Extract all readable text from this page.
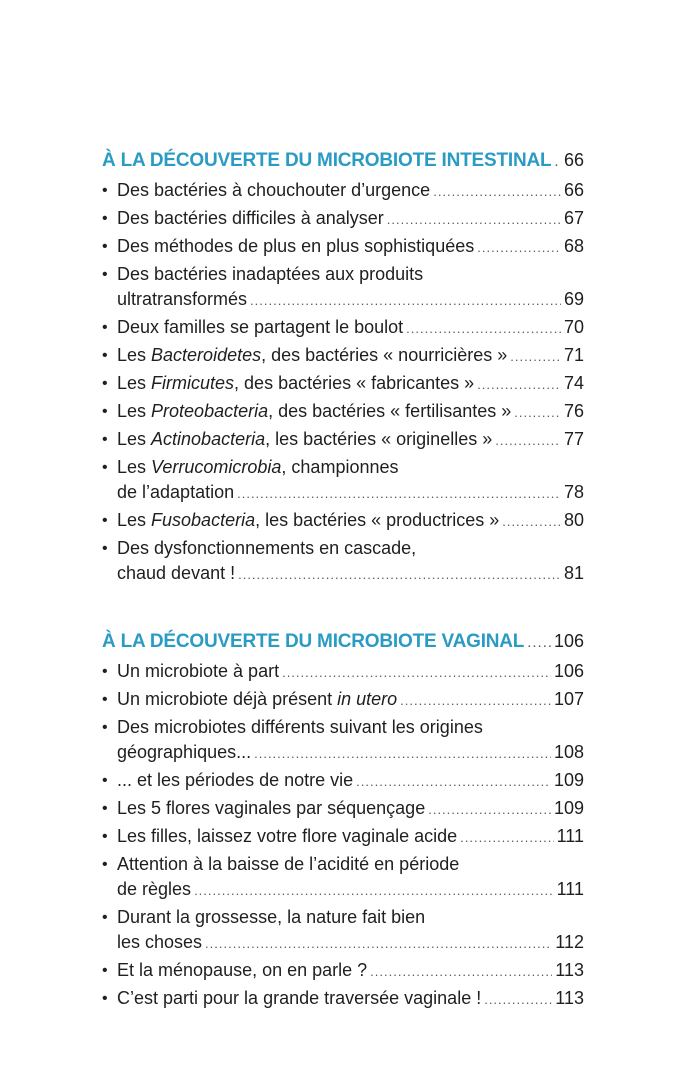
À LA DÉCOUVERTE DU MICROBIOTE INTESTINAL ..... 66
• Des bactéries à chouchouter d’urgence .....	66
• Des bactéries difficiles à analyser .....	67
• Des méthodes de plus en plus sophistiquées .....	68
• Des bactéries inadaptées aux produits
ultratransformés .....	69
• Deux familles se partagent le boulot .....	70
• Les Bacteroidetes, des bactéries « nourricières » .....	71
• Les Firmicutes, des bactéries « fabricantes » .....	74
• Les Proteobacteria, des bactéries « fertilisantes » .....	76
• Les Actinobacteria, les bactéries « originelles » .....	77
• Les Verrucomicrobia, championnes
de l’adaptation .....	78
• Les Fusobacteria, les bactéries « productrices » .....	80
• Des dysfonctionnements en cascade,
chaud devant ! .....	81
À LA DÉCOUVERTE DU MICROBIOTE VAGINAL ..... 106
• Un microbiote à part .....	106
• Un microbiote déjà présent in utero .....	107
• Des microbiotes différents suivant les origines
géographiques... .....	108
• ... et les périodes de notre vie .....	109
• Les 5 flores vaginales par séquençage .....	109
• Les filles, laissez votre flore vaginale acide .....	111
• Attention à la baisse de l’acidité en période
de règles .....	111
• Durant la grossesse, la nature fait bien
les choses .....	112
• Et la ménopause, on en parle ? .....	113
• C’est parti pour la grande traversée vaginale ! .....	113
